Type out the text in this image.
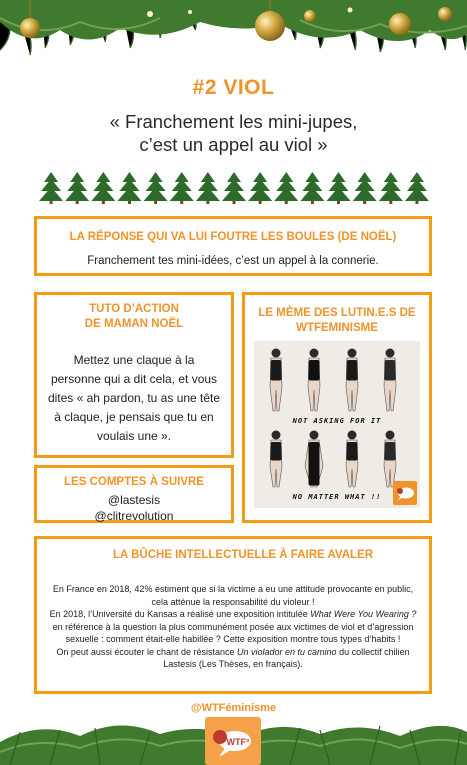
#2 VIOL
« Franchement les mini-jupes,
c’est un appel au viol »
LA RÉPONSE QUI VA LUI FOUTRE LES BOULES (DE NOËL)
Franchement tes mini-idées, c’est un appel à la connerie.
TUTO D’ACTION
DE MAMAN NOËL
Mettez une claque à la personne qui a dit cela, et vous dites « ah pardon, tu as une tête à claque, je pensais que tu en voulais une ».
LE MÈME DES LUTIN.E.S DE
WTFEMINISME
NOT ASKING FOR IT
NO MATTER WHAT !!
LES COMPTES À SUIVRE
@lastesis
@clitrevolution
LA BÛCHE INTELLECTUELLE À FAIRE AVALER
En France en 2018, 42% estiment que si la victime a eu une attitude provocante en public, cela atténue la responsabilité du violeur !
En 2018, l’Université du Kansas a réalisé une exposition intitulée What Were You Wearing ? en référence à la question la plus communément posée aux victimes de viol et d’agression sexuelle : comment était-elle habillée ? Cette exposition montre tous types d’habits !
On peut aussi écouter le chant de résistance Un violador en tu camino du collectif chilien Lastesis (Les Thèses, en français).
@WTFéminisme
WTF°
